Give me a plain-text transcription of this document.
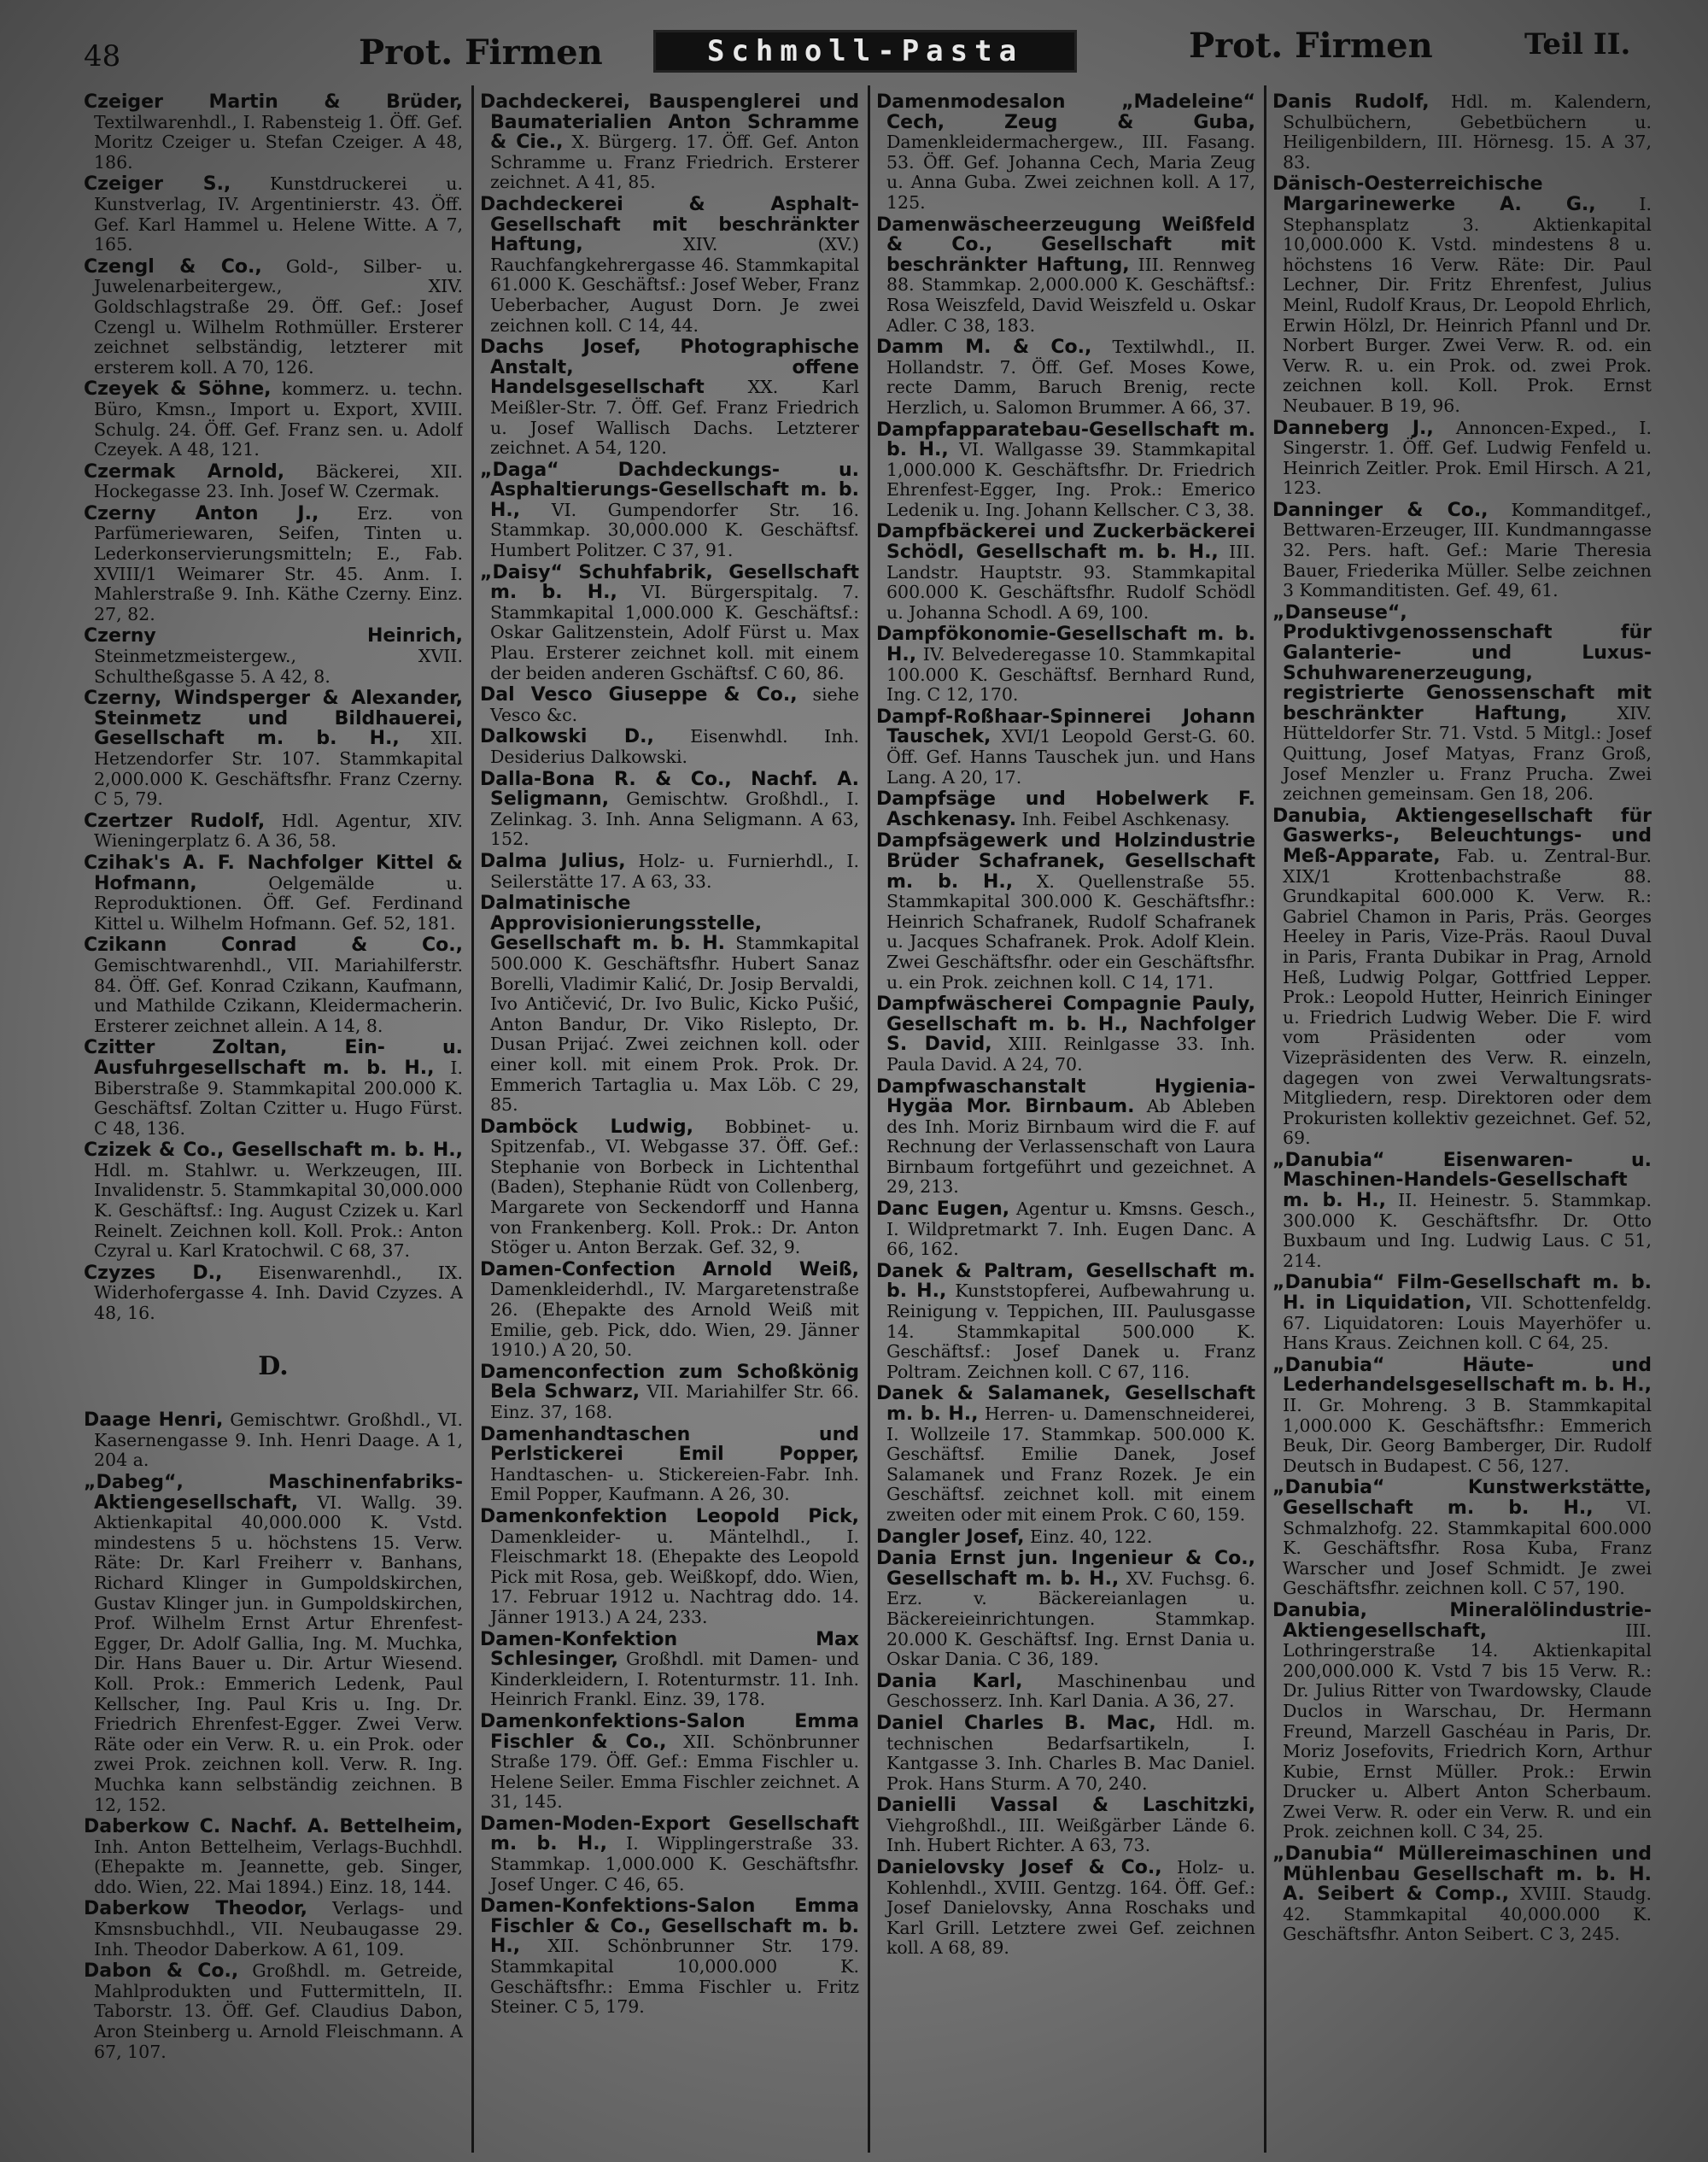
48	Prot. Firmen	Schmoll-Pasta	Prot. Firmen	Teil II.

Czeiger Martin & Brüder, Textilwarenhdl., I. Rabensteig 1. Öff. Gef. Moritz Czeiger u. Stefan Czeiger. A 48, 186.

Czeiger S., Kunstdruckerei u. Kunstverlag, IV. Argentinierstr. 43. Öff. Gef. Karl Hammel u. Helene Witte. A 7, 165.

Czengl & Co., Gold-, Silber- u. Juwelenarbeitergew., XIV. Goldschlagstraße 29. Öff. Gef.: Josef Czengl u. Wilhelm Rothmüller. Ersterer zeichnet selbständig, letzterer mit ersterem koll. A 70, 126.

Czeyek & Söhne, kommerz. u. techn. Büro, Kmsn., Import u. Export, XVIII. Schulg. 24. Öff. Gef. Franz sen. u. Adolf Czeyek. A 48, 121.

Czermak Arnold, Bäckerei, XII. Hockegasse 23. Inh. Josef W. Czermak.

Czerny Anton J., Erz. von Parfümeriewaren, Seifen, Tinten u. Lederkonservierungsmitteln; E., Fab. XVIII/1 Weimarer Str. 45. Anm. I. Mahlerstraße 9. Inh. Käthe Czerny. Einz. 27, 82.

Czerny Heinrich, Steinmetzmeistergew., XVII. Schultheßgasse 5. A 42, 8.

Czerny, Windsperger & Alexander, Steinmetz und Bildhauerei, Gesellschaft m. b. H., XII. Hetzendorfer Str. 107. Stammkapital 2,000.000 K. Geschäftsfhr. Franz Czerny. C 5, 79.

Czertzer Rudolf, Hdl. Agentur, XIV. Wieningerplatz 6. A 36, 58.

Czihak's A. F. Nachfolger Kittel & Hofmann, Oelgemälde u. Reproduktionen. Öff. Gef. Ferdinand Kittel u. Wilhelm Hofmann. Gef. 52, 181.

Czikann Conrad & Co., Gemischtwarenhdl., VII. Mariahilferstr. 84. Öff. Gef. Konrad Czikann, Kaufmann, und Mathilde Czikann, Kleidermacherin. Ersterer zeichnet allein. A 14, 8.

Czitter Zoltan, Ein- u. Ausfuhrgesellschaft m. b. H., I. Biberstraße 9. Stammkapital 200.000 K. Geschäftsf. Zoltan Czitter u. Hugo Fürst. C 48, 136.

Czizek & Co., Gesellschaft m. b. H., Hdl. m. Stahlwr. u. Werkzeugen, III. Invalidenstr. 5. Stammkapital 30,000.000 K. Geschäftsf.: Ing. August Czizek u. Karl Reinelt. Zeichnen koll. Koll. Prok.: Anton Czyral u. Karl Kratochwil. C 68, 37.

Czyzes D., Eisenwarenhdl., IX. Widerhofergasse 4. Inh. David Czyzes. A 48, 16.

D.

Daage Henri, Gemischtwr. Großhdl., VI. Kasernengasse 9. Inh. Henri Daage. A 1, 204 a.

„Dabeg“, Maschinenfabriks-Aktiengesellschaft, VI. Wallg. 39. Aktienkapital 40,000.000 K. Vstd. mindestens 5 u. höchstens 15. Verw. Räte: Dr. Karl Freiherr v. Banhans, Richard Klinger in Gumpoldskirchen, Gustav Klinger jun. in Gumpoldskirchen, Prof. Wilhelm Ernst Artur Ehrenfest-Egger, Dr. Adolf Gallia, Ing. M. Muchka, Dir. Hans Bauer u. Dir. Artur Wiesend. Koll. Prok.: Emmerich Ledenk, Paul Kellscher, Ing. Paul Kris u. Ing. Dr. Friedrich Ehrenfest-Egger. Zwei Verw. Räte oder ein Verw. R. u. ein Prok. oder zwei Prok. zeichnen koll. Verw. R. Ing. Muchka kann selbständig zeichnen. B 12, 152.

Daberkow C. Nachf. A. Bettelheim, Inh. Anton Bettelheim, Verlags-Buchhdl. (Ehepakte m. Jeannette, geb. Singer, ddo. Wien, 22. Mai 1894.) Einz. 18, 144.

Daberkow Theodor, Verlags- und Kmsnsbuchhdl., VII. Neubaugasse 29. Inh. Theodor Daberkow. A 61, 109.

Dabon & Co., Großhdl. m. Getreide, Mahlprodukten und Futtermitteln, II. Taborstr. 13. Öff. Gef. Claudius Dabon, Aron Steinberg u. Arnold Fleischmann. A 67, 107.

Dachdeckerei, Bauspenglerei und Baumaterialien Anton Schramme & Cie., X. Bürgerg. 17. Öff. Gef. Anton Schramme u. Franz Friedrich. Ersterer zeichnet. A 41, 85.

Dachdeckerei & Asphalt-Gesellschaft mit beschränkter Haftung, XIV. (XV.) Rauchfangkehrergasse 46. Stammkapital 61.000 K. Geschäftsf.: Josef Weber, Franz Ueberbacher, August Dorn. Je zwei zeichnen koll. C 14, 44.

Dachs Josef, Photographische Anstalt, offene Handelsgesellschaft XX. Karl Meißler-Str. 7. Öff. Gef. Franz Friedrich u. Josef Wallisch Dachs. Letzterer zeichnet. A 54, 120.

„Daga“ Dachdeckungs- u. Asphaltierungs-Gesellschaft m. b. H., VI. Gumpendorfer Str. 16. Stammkap. 30,000.000 K. Geschäftsf. Humbert Politzer. C 37, 91.

„Daisy“ Schuhfabrik, Gesellschaft m. b. H., VI. Bürgerspitalg. 7. Stammkapital 1,000.000 K. Geschäftsf.: Oskar Galitzenstein, Adolf Fürst u. Max Plau. Ersterer zeichnet koll. mit einem der beiden anderen Gschäftsf. C 60, 86.

Dal Vesco Giuseppe & Co., siehe Vesco &c.

Dalkowski D., Eisenwhdl. Inh. Desiderius Dalkowski.

Dalla-Bona R. & Co., Nachf. A. Seligmann, Gemischtw. Großhdl., I. Zelinkag. 3. Inh. Anna Seligmann. A 63, 152.

Dalma Julius, Holz- u. Furnierhdl., I. Seilerstätte 17. A 63, 33.

Dalmatinische Approvisionierungsstelle, Gesellschaft m. b. H. Stammkapital 500.000 K. Geschäftsfhr. Hubert Sanaz Borelli, Vladimir Kalić, Dr. Josip Bervaldi, Ivo Antičević, Dr. Ivo Bulic, Kicko Pušić, Anton Bandur, Dr. Viko Rislepto, Dr. Dusan Prijać. Zwei zeichnen koll. oder einer koll. mit einem Prok. Prok. Dr. Emmerich Tartaglia u. Max Löb. C 29, 85.

Damböck Ludwig, Bobbinet- u. Spitzenfab., VI. Webgasse 37. Öff. Gef.: Stephanie von Borbeck in Lichtenthal (Baden), Stephanie Rüdt von Collenberg, Margarete von Seckendorff und Hanna von Frankenberg. Koll. Prok.: Dr. Anton Stöger u. Anton Berzak. Gef. 32, 9.

Damen-Confection Arnold Weiß, Damenkleiderhdl., IV. Margaretenstraße 26. (Ehepakte des Arnold Weiß mit Emilie, geb. Pick, ddo. Wien, 29. Jänner 1910.) A 20, 50.

Damenconfection zum Schoßkönig Bela Schwarz, VII. Mariahilfer Str. 66. Einz. 37, 168.

Damenhandtaschen und Perlstickerei Emil Popper, Handtaschen- u. Stickereien-Fabr. Inh. Emil Popper, Kaufmann. A 26, 30.

Damenkonfektion Leopold Pick, Damenkleider- u. Mäntelhdl., I. Fleischmarkt 18. (Ehepakte des Leopold Pick mit Rosa, geb. Weißkopf, ddo. Wien, 17. Februar 1912 u. Nachtrag ddo. 14. Jänner 1913.) A 24, 233.

Damen-Konfektion Max Schlesinger, Großhdl. mit Damen- und Kinderkleidern, I. Rotenturmstr. 11. Inh. Heinrich Frankl. Einz. 39, 178.

Damenkonfektions-Salon Emma Fischler & Co., XII. Schönbrunner Straße 179. Öff. Gef.: Emma Fischler u. Helene Seiler. Emma Fischler zeichnet. A 31, 145.

Damen-Moden-Export Gesellschaft m. b. H., I. Wipplingerstraße 33. Stammkap. 1,000.000 K. Geschäftsfhr. Josef Unger. C 46, 65.

Damen-Konfektions-Salon Emma Fischler & Co., Gesellschaft m. b. H., XII. Schönbrunner Str. 179. Stammkapital 10,000.000 K. Geschäftsfhr.: Emma Fischler u. Fritz Steiner. C 5, 179.

Damenmodesalon „Madeleine“ Cech, Zeug & Guba, Damenkleidermachergew., III. Fasang. 53. Öff. Gef. Johanna Cech, Maria Zeug u. Anna Guba. Zwei zeichnen koll. A 17, 125.

Damenwäscheerzeugung Weißfeld & Co., Gesellschaft mit beschränkter Haftung, III. Rennweg 88. Stammkap. 2,000.000 K. Geschäftsf.: Rosa Weiszfeld, David Weiszfeld u. Oskar Adler. C 38, 183.

Damm M. & Co., Textilwhdl., II. Hollandstr. 7. Öff. Gef. Moses Kowe, recte Damm, Baruch Brenig, recte Herzlich, u. Salomon Brummer. A 66, 37.

Dampfapparatebau-Gesellschaft m. b. H., VI. Wallgasse 39. Stammkapital 1,000.000 K. Geschäftsfhr. Dr. Friedrich Ehrenfest-Egger, Ing. Prok.: Emerico Ledenik u. Ing. Johann Kellscher. C 3, 38.

Dampfbäckerei und Zuckerbäckerei Schödl, Gesellschaft m. b. H., III. Landstr. Hauptstr. 93. Stammkapital 600.000 K. Geschäftsfhr. Rudolf Schödl u. Johanna Schodl. A 69, 100.

Dampfökonomie-Gesellschaft m. b. H., IV. Belvederegasse 10. Stammkapital 100.000 K. Geschäftsf. Bernhard Rund, Ing. C 12, 170.

Dampf-Roßhaar-Spinnerei Johann Tauschek, XVI/1 Leopold Gerst-G. 60. Öff. Gef. Hanns Tauschek jun. und Hans Lang. A 20, 17.

Dampfsäge und Hobelwerk F. Aschkenasy. Inh. Feibel Aschkenasy.

Dampfsägewerk und Holzindustrie Brüder Schafranek, Gesellschaft m. b. H., X. Quellenstraße 55. Stammkapital 300.000 K. Geschäftsfhr.: Heinrich Schafranek, Rudolf Schafranek u. Jacques Schafranek. Prok. Adolf Klein. Zwei Geschäftsfhr. oder ein Geschäftsfhr. u. ein Prok. zeichnen koll. C 14, 171.

Dampfwäscherei Compagnie Pauly, Gesellschaft m. b. H., Nachfolger S. David, XIII. Reinlgasse 33. Inh. Paula David. A 24, 70.

Dampfwaschanstalt Hygienia-Hygäa Mor. Birnbaum. Ab Ableben des Inh. Moriz Birnbaum wird die F. auf Rechnung der Verlassenschaft von Laura Birnbaum fortgeführt und gezeichnet. A 29, 213.

Danc Eugen, Agentur u. Kmsns. Gesch., I. Wildpretmarkt 7. Inh. Eugen Danc. A 66, 162.

Danek & Paltram, Gesellschaft m. b. H., Kunststopferei, Aufbewahrung u. Reinigung v. Teppichen, III. Paulusgasse 14. Stammkapital 500.000 K. Geschäftsf.: Josef Danek u. Franz Poltram. Zeichnen koll. C 67, 116.

Danek & Salamanek, Gesellschaft m. b. H., Herren- u. Damenschneiderei, I. Wollzeile 17. Stammkap. 500.000 K. Geschäftsf. Emilie Danek, Josef Salamanek und Franz Rozek. Je ein Geschäftsf. zeichnet koll. mit einem zweiten oder mit einem Prok. C 60, 159.

Dangler Josef, Einz. 40, 122.

Dania Ernst jun. Ingenieur & Co., Gesellschaft m. b. H., XV. Fuchsg. 6. Erz. v. Bäckereianlagen u. Bäckereieinrichtungen. Stammkap. 20.000 K. Geschäftsf. Ing. Ernst Dania u. Oskar Dania. C 36, 189.

Dania Karl, Maschinenbau und Geschosserz. Inh. Karl Dania. A 36, 27.

Daniel Charles B. Mac, Hdl. m. technischen Bedarfsartikeln, I. Kantgasse 3. Inh. Charles B. Mac Daniel. Prok. Hans Sturm. A 70, 240.

Danielli Vassal & Laschitzki, Viehgroßhdl., III. Weißgärber Lände 6. Inh. Hubert Richter. A 63, 73.

Danielovsky Josef & Co., Holz- u. Kohlenhdl., XVIII. Gentzg. 164. Öff. Gef.: Josef Danielovsky, Anna Roschaks und Karl Grill. Letztere zwei Gef. zeichnen koll. A 68, 89.

Danis Rudolf, Hdl. m. Kalendern, Schulbüchern, Gebetbüchern u. Heiligenbildern, III. Hörnesg. 15. A 37, 83.

Dänisch-Oesterreichische Margarinewerke A. G., I. Stephansplatz 3. Aktienkapital 10,000.000 K. Vstd. mindestens 8 u. höchstens 16 Verw. Räte: Dir. Paul Lechner, Dir. Fritz Ehrenfest, Julius Meinl, Rudolf Kraus, Dr. Leopold Ehrlich, Erwin Hölzl, Dr. Heinrich Pfannl und Dr. Norbert Burger. Zwei Verw. R. od. ein Verw. R. u. ein Prok. od. zwei Prok. zeichnen koll. Koll. Prok. Ernst Neubauer. B 19, 96.

Danneberg J., Annoncen-Exped., I. Singerstr. 1. Öff. Gef. Ludwig Fenfeld u. Heinrich Zeitler. Prok. Emil Hirsch. A 21, 123.

Danninger & Co., Kommanditgef., Bettwaren-Erzeuger, III. Kundmanngasse 32. Pers. haft. Gef.: Marie Theresia Bauer, Friederika Müller. Selbe zeichnen 3 Kommanditisten. Gef. 49, 61.

„Danseuse“, Produktivgenossenschaft für Galanterie- und Luxus-Schuhwarenerzeugung, registrierte Genossenschaft mit beschränkter Haftung, XIV. Hütteldorfer Str. 71. Vstd. 5 Mitgl.: Josef Quittung, Josef Matyas, Franz Groß, Josef Menzler u. Franz Prucha. Zwei zeichnen gemeinsam. Gen 18, 206.

Danubia, Aktiengesellschaft für Gaswerks-, Beleuchtungs- und Meß-Apparate, Fab. u. Zentral-Bur. XIX/1 Krottenbachstraße 88. Grundkapital 600.000 K. Verw. R.: Gabriel Chamon in Paris, Präs. Georges Heeley in Paris, Vize-Präs. Raoul Duval in Paris, Franta Dubikar in Prag, Arnold Heß, Ludwig Polgar, Gottfried Lepper. Prok.: Leopold Hutter, Heinrich Eininger u. Friedrich Ludwig Weber. Die F. wird vom Präsidenten oder vom Vizepräsidenten des Verw. R. einzeln, dagegen von zwei Verwaltungsrats-Mitgliedern, resp. Direktoren oder dem Prokuristen kollektiv gezeichnet. Gef. 52, 69.

„Danubia“ Eisenwaren- u. Maschinen-Handels-Gesellschaft m. b. H., II. Heinestr. 5. Stammkap. 300.000 K. Geschäftsfhr. Dr. Otto Buxbaum und Ing. Ludwig Laus. C 51, 214.

„Danubia“ Film-Gesellschaft m. b. H. in Liquidation, VII. Schottenfeldg. 67. Liquidatoren: Louis Mayerhöfer u. Hans Kraus. Zeichnen koll. C 64, 25.

„Danubia“ Häute- und Lederhandelsgesellschaft m. b. H., II. Gr. Mohreng. 3 B. Stammkapital 1,000.000 K. Geschäftsfhr.: Emmerich Beuk, Dir. Georg Bamberger, Dir. Rudolf Deutsch in Budapest. C 56, 127.

„Danubia“ Kunstwerkstätte, Gesellschaft m. b. H., VI. Schmalzhofg. 22. Stammkapital 600.000 K. Geschäftsfhr. Rosa Kuba, Franz Warscher und Josef Schmidt. Je zwei Geschäftsfhr. zeichnen koll. C 57, 190.

Danubia, Mineralölindustrie-Aktiengesellschaft, III. Lothringerstraße 14. Aktienkapital 200,000.000 K. Vstd 7 bis 15 Verw. R.: Dr. Julius Ritter von Twardowsky, Claude Duclos in Warschau, Dr. Hermann Freund, Marzell Gaschéau in Paris, Dr. Moriz Josefovits, Friedrich Korn, Arthur Kubie, Ernst Müller. Prok.: Erwin Drucker u. Albert Anton Scherbaum. Zwei Verw. R. oder ein Verw. R. und ein Prok. zeichnen koll. C 34, 25.

„Danubia“ Müllereimaschinen und Mühlenbau Gesellschaft m. b. H. A. Seibert & Comp., XVIII. Staudg. 42. Stammkapital 40,000.000 K. Geschäftsfhr. Anton Seibert. C 3, 245.
